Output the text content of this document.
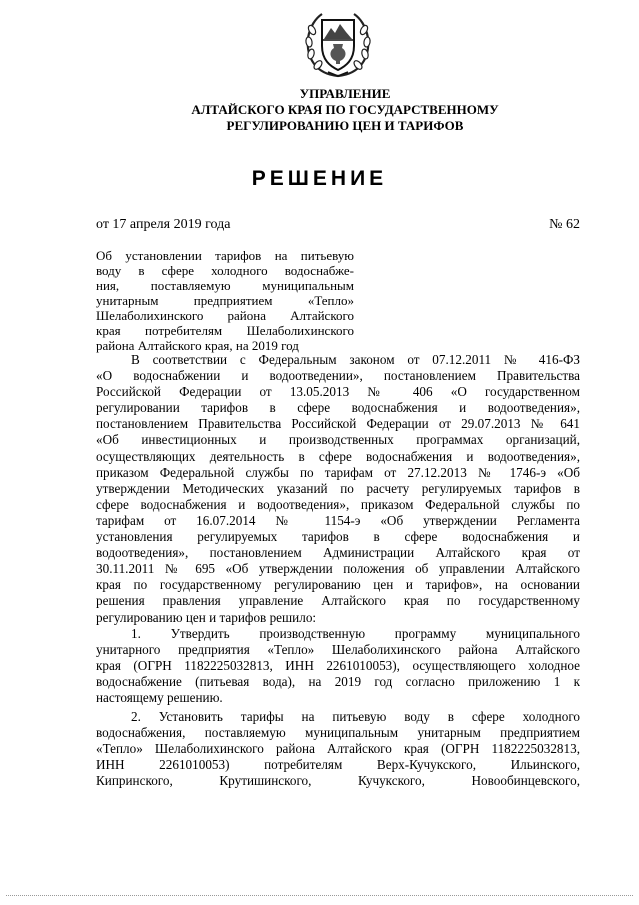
УПРАВЛЕНИЕ
АЛТАЙСКОГО КРАЯ ПО ГОСУДАРСТВЕННОМУ
РЕГУЛИРОВАНИЮ ЦЕН И ТАРИФОВ
РЕШЕНИЕ
от 17 апреля 2019 года	№ 62
Об установлении тарифов на питьевую
воду в сфере холодного водоснабже-
ния, поставляемую муниципальным
унитарным предприятием «Тепло»
Шелаболихинского района Алтайского
края потребителям Шелаболихинского
района Алтайского края, на 2019 год
В соответствии с Федеральным законом от 07.12.2011 № 416-ФЗ
«О водоснабжении и водоотведении», постановлением Правительства
Российской Федерации от 13.05.2013 № 406 «О государственном
регулировании тарифов в сфере водоснабжения и водоотведения»,
постановлением Правительства Российской Федерации от 29.07.2013 № 641
«Об инвестиционных и производственных программах организаций,
осуществляющих деятельность в сфере водоснабжения и водоотведения»,
приказом Федеральной службы по тарифам от 27.12.2013 № 1746-э «Об
утверждении Методических указаний по расчету регулируемых тарифов в
сфере водоснабжения и водоотведения», приказом Федеральной службы по
тарифам от 16.07.2014 № 1154-э «Об утверждении Регламента
установления регулируемых тарифов в сфере водоснабжения и
водоотведения», постановлением Администрации Алтайского края от
30.11.2011 № 695 «Об утверждении положения об управлении Алтайского
края по государственному регулированию цен и тарифов», на основании
решения правления управление Алтайского края по государственному
регулированию цен и тарифов решило:
1. Утвердить производственную программу муниципального
унитарного предприятия «Тепло» Шелаболихинского района Алтайского
края (ОГРН 1182225032813, ИНН 2261010053), осуществляющего холодное
водоснабжение (питьевая вода), на 2019 год согласно приложению 1 к
настоящему решению.
2. Установить тарифы на питьевую воду в сфере холодного
водоснабжения, поставляемую муниципальным унитарным предприятием
«Тепло» Шелаболихинского района Алтайского края (ОГРН 1182225032813,
ИНН 2261010053) потребителям Верх-Кучукского, Ильинского,
Кипринского, Крутишинского, Кучукского, Новообинцевского,
